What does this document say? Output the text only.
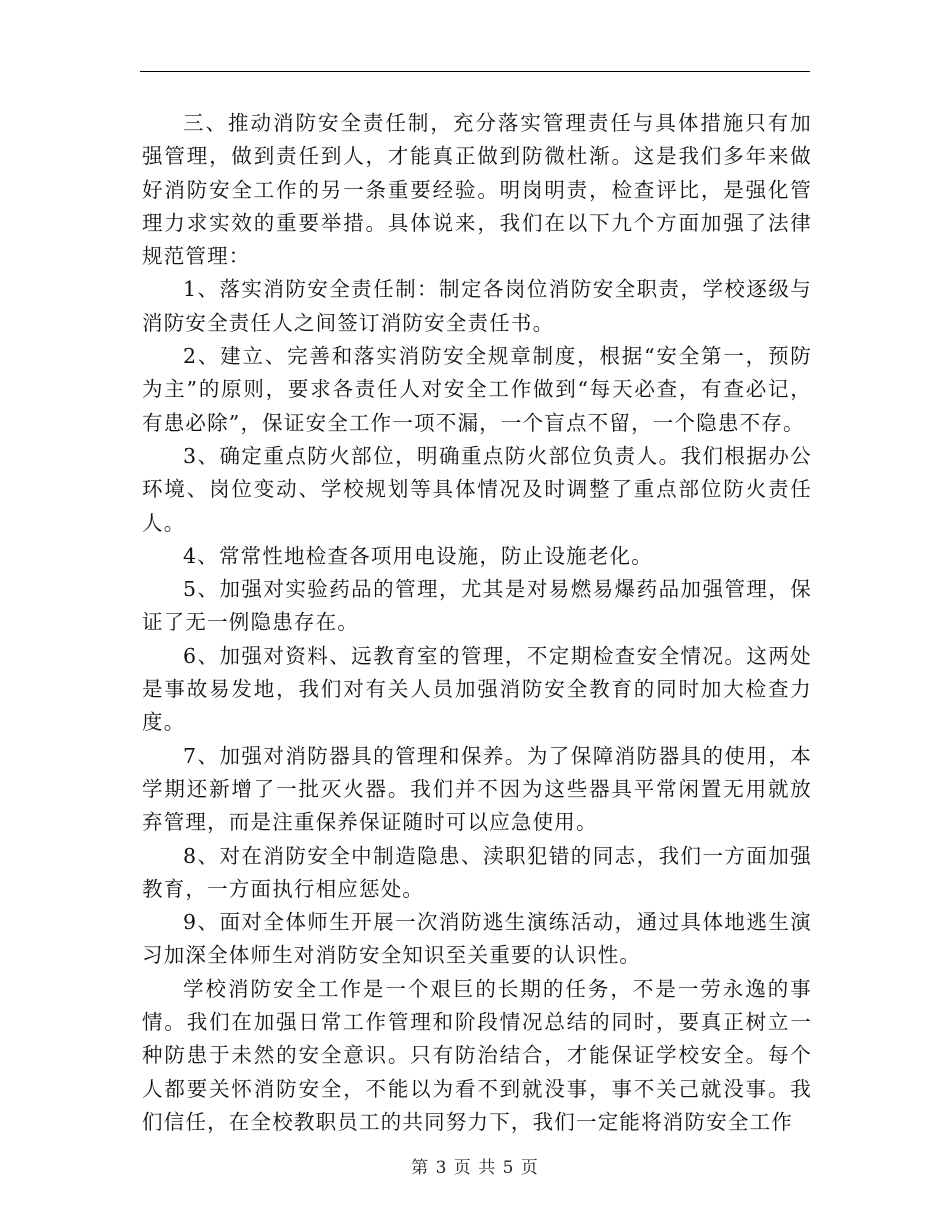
三、推动消防安全责任制，充分落实管理责任与具体措施只有加强管理，做到责任到人，才能真正做到防微杜渐。这是我们多年来做好消防安全工作的另一条重要经验。明岗明责，检查评比，是强化管理力求实效的重要举措。具体说来，我们在以下九个方面加强了法律规范管理：

1、落实消防安全责任制：制定各岗位消防安全职责，学校逐级与消防安全责任人之间签订消防安全责任书。

2、建立、完善和落实消防安全规章制度，根据“安全第一，预防为主”的原则，要求各责任人对安全工作做到“每天必查，有查必记，有患必除”，保证安全工作一项不漏，一个盲点不留，一个隐患不存。

3、确定重点防火部位，明确重点防火部位负责人。我们根据办公环境、岗位变动、学校规划等具体情况及时调整了重点部位防火责任人。

4、常常性地检查各项用电设施，防止设施老化。

5、加强对实验药品的管理，尤其是对易燃易爆药品加强管理，保证了无一例隐患存在。

6、加强对资料、远教育室的管理，不定期检查安全情况。这两处是事故易发地，我们对有关人员加强消防安全教育的同时加大检查力度。

7、加强对消防器具的管理和保养。为了保障消防器具的使用，本学期还新增了一批灭火器。我们并不因为这些器具平常闲置无用就放弃管理，而是注重保养保证随时可以应急使用。

8、对在消防安全中制造隐患、渎职犯错的同志，我们一方面加强教育，一方面执行相应惩处。

9、面对全体师生开展一次消防逃生演练活动，通过具体地逃生演习加深全体师生对消防安全知识至关重要的认识性。

学校消防安全工作是一个艰巨的长期的任务，不是一劳永逸的事情。我们在加强日常工作管理和阶段情况总结的同时，要真正树立一种防患于未然的安全意识。只有防治结合，才能保证学校安全。每个人都要关怀消防安全，不能以为看不到就没事，事不关己就没事。我们信任，在全校教职员工的共同努力下，我们一定能将消防安全工作

第 3 页 共 5 页
